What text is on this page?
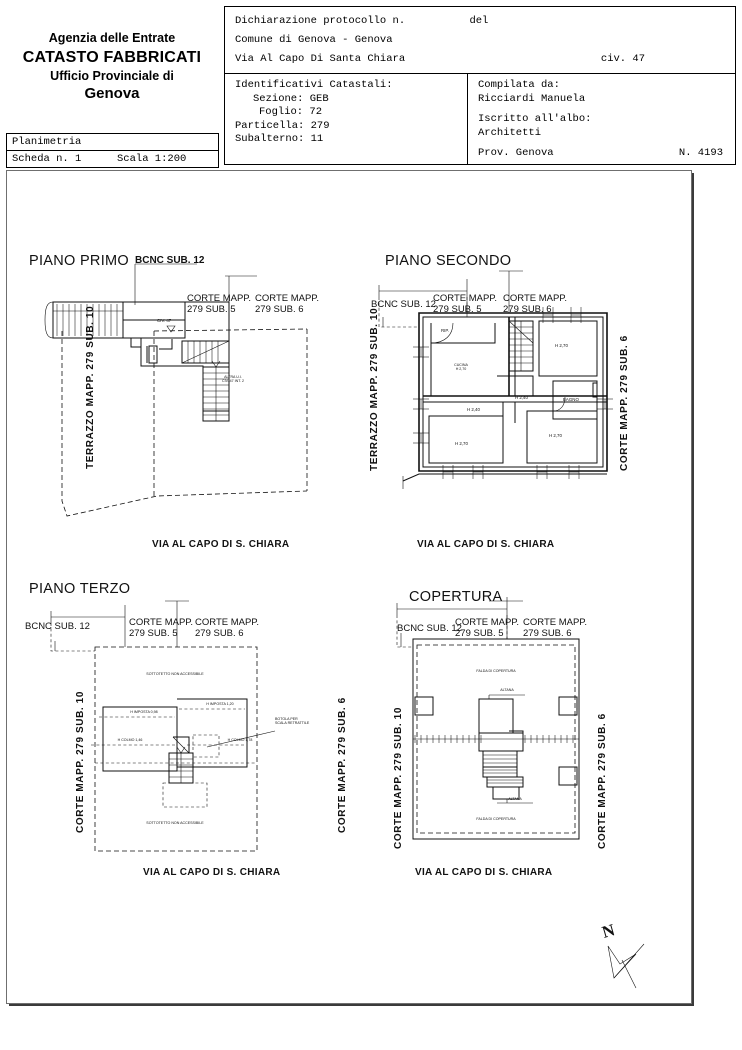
Agenzia delle Entrate
CATASTO FABBRICATI
Ufficio Provinciale di
Genova
Planimetria
Scheda n. 1	Scala 1:200
Dichiarazione protocollo n.	del
Comune di Genova - Genova
Via Al Capo Di Santa Chiara	civ. 47
Identificativi Catastali:
Sezione: GEB
Foglio: 72
Particella: 279
Subalterno: 11
Compilata da:
Ricciardi Manuela
Iscritto all'albo:
Architetti
Prov. Genova	N. 4193
PIANO PRIMO BCNC SUB. 12
CORTE MAPP.
279 SUB. 5
CORTE MAPP.
279 SUB. 6
CIV. 47
ALTRA U.I.
CIV. 47 INT. 2
TERRAZZO MAPP. 279 SUB. 10
VIA AL CAPO DI S. CHIARA
PIANO SECONDO
BCNC SUB. 12
CORTE MAPP.
279 SUB. 5
CORTE MAPP.
279 SUB. 6
TERRAZZO MAPP. 279 SUB. 10	CORTE MAPP. 279 SUB. 6
RIP.
CUCINA
H 2,70
H 2,70
BAGNO
H 2,40
H 2,40
H 2,70
H 2,70
VIA AL CAPO DI S. CHIARA
PIANO TERZO
BCNC SUB. 12	CORTE MAPP.
279 SUB. 5
CORTE MAPP.
279 SUB. 6
CORTE MAPP. 279 SUB. 10	CORTE MAPP. 279 SUB. 6
SOTTOTETTO NON ACCESSIBILE
SOTTOTETTO NON ACCESSIBILE
H IMPOSTA 0,98
H IMPOSTA 1,20
H COLMO 1,46	H COLMO 1,78
BOTOLA PER
SCALA RETRATTILE
VIA AL CAPO DI S. CHIARA
COPERTURA
BCNC SUB. 12
CORTE MAPP.
279 SUB. 5
CORTE MAPP.
279 SUB. 6
CORTE MAPP. 279 SUB. 10	CORTE MAPP. 279 SUB. 6
FALDA DI COPERTURA
FALDA DI COPERTURA
ALTANA
ALTANA
VIA AL CAPO DI S. CHIARA
N
